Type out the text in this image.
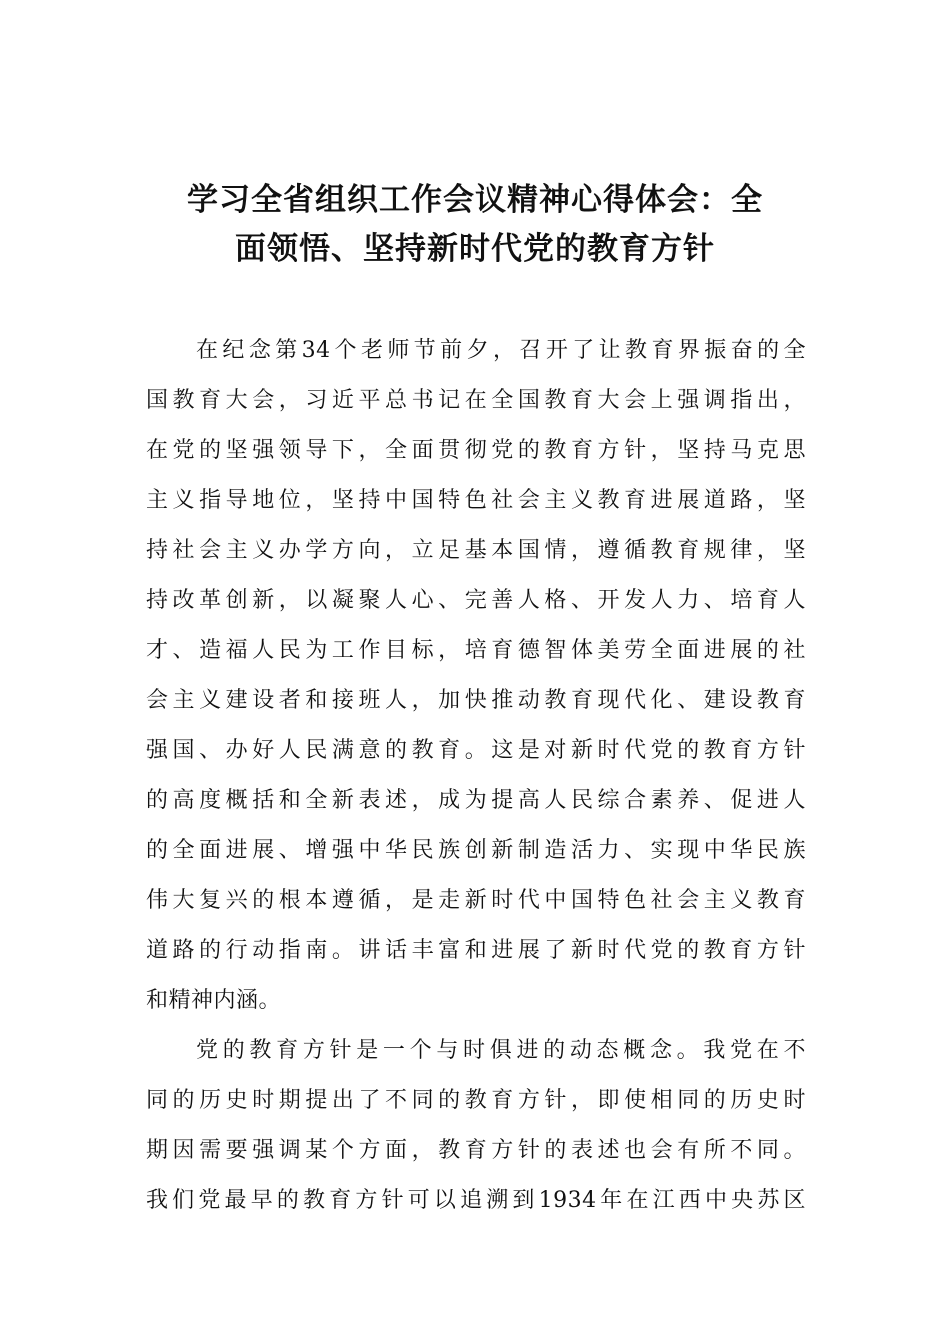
学习全省组织工作会议精神心得体会：全
面领悟、坚持新时代党的教育方针
在纪念第34个老师节前夕，召开了让教育界振奋的全
国教育大会，习近平总书记在全国教育大会上强调指出，
在党的坚强领导下，全面贯彻党的教育方针，坚持马克思
主义指导地位，坚持中国特色社会主义教育进展道路，坚
持社会主义办学方向，立足基本国情，遵循教育规律，坚
持改革创新，以凝聚人心、完善人格、开发人力、培育人
才、造福人民为工作目标，培育德智体美劳全面进展的社
会主义建设者和接班人，加快推动教育现代化、建设教育
强国、办好人民满意的教育。这是对新时代党的教育方针
的高度概括和全新表述，成为提高人民综合素养、促进人
的全面进展、增强中华民族创新制造活力、实现中华民族
伟大复兴的根本遵循，是走新时代中国特色社会主义教育
道路的行动指南。讲话丰富和进展了新时代党的教育方针
和精神内涵。
党的教育方针是一个与时俱进的动态概念。我党在不
同的历史时期提出了不同的教育方针，即使相同的历史时
期因需要强调某个方面，教育方针的表述也会有所不同。
我们党最早的教育方针可以追溯到1934年在江西中央苏区
